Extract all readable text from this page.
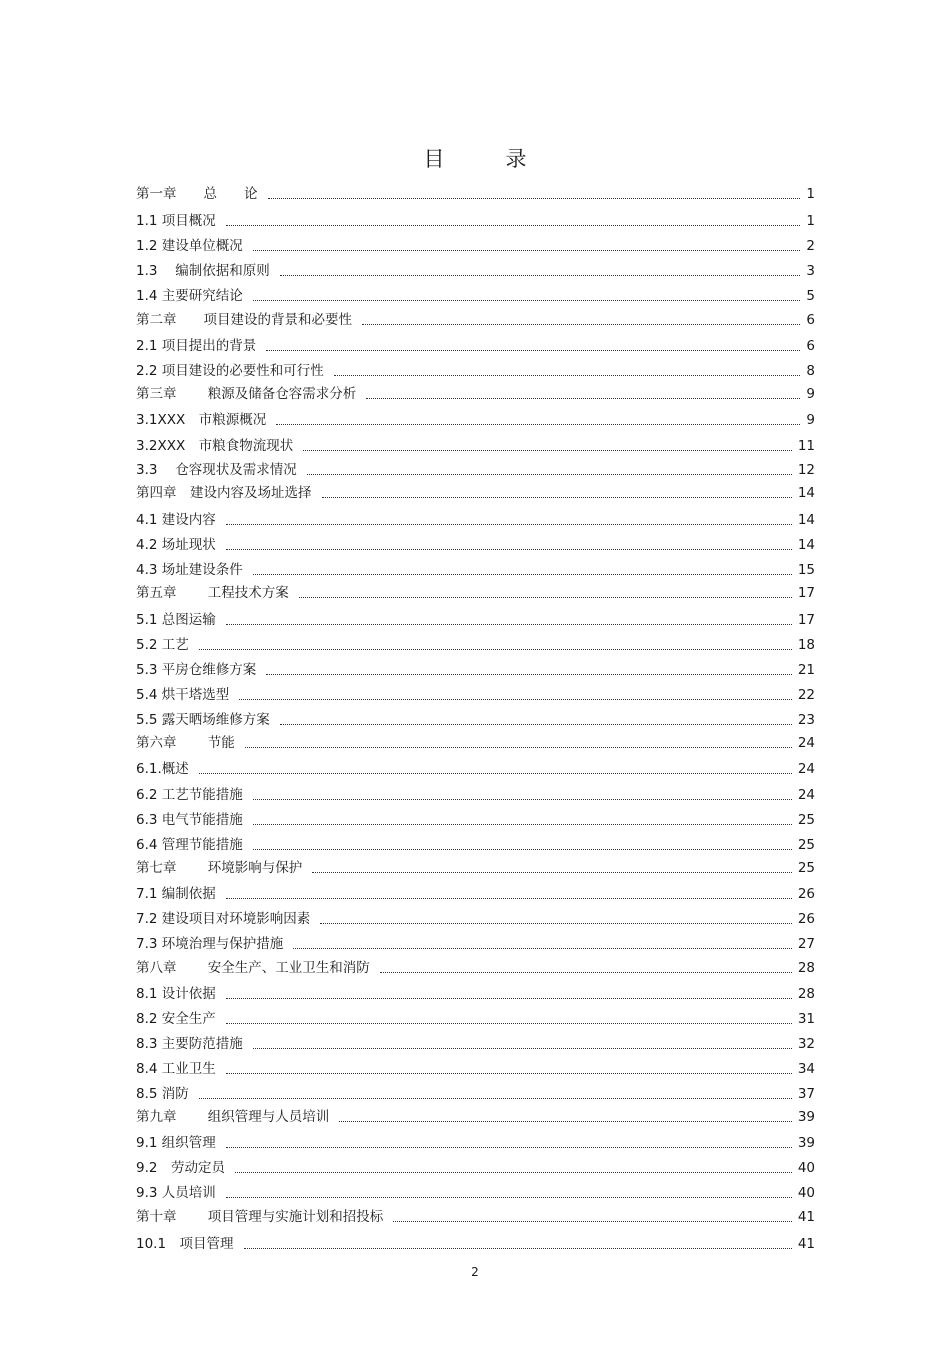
目　录
第一章　　总　　论	1
1.1 项目概况	1
1.2 建设单位概况	2
1.3　 编制依据和原则	3
1.4 主要研究结论	5
第二章　　项目建设的背景和必要性	6
2.1 项目提出的背景	6
2.2 项目建设的必要性和可行性	8
第三章　　 粮源及储备仓容需求分析	9
3.1XXX　市粮源概况	9
3.2XXX　市粮食物流现状	11
3.3　 仓容现状及需求情况	12
第四章　建设内容及场址选择	14
4.1 建设内容	14
4.2 场址现状	14
4.3 场址建设条件	15
第五章　　 工程技术方案	17
5.1 总图运输	17
5.2 工艺	18
5.3 平房仓维修方案	21
5.4 烘干塔选型	22
5.5 露天晒场维修方案	23
第六章　　 节能	24
6.1.概述	24
6.2 工艺节能措施	24
6.3 电气节能措施	25
6.4 管理节能措施	25
第七章　　 环境影响与保护	25
7.1 编制依据	26
7.2 建设项目对环境影响因素	26
7.3 环境治理与保护措施	27
第八章　　 安全生产、工业卫生和消防	28
8.1 设计依据	28
8.2 安全生产	31
8.3 主要防范措施	32
8.4 工业卫生	34
8.5 消防	37
第九章　　 组织管理与人员培训	39
9.1 组织管理	39
9.2　劳动定员	40
9.3 人员培训	40
第十章　　 项目管理与实施计划和招投标	41
10.1　项目管理	41
2
